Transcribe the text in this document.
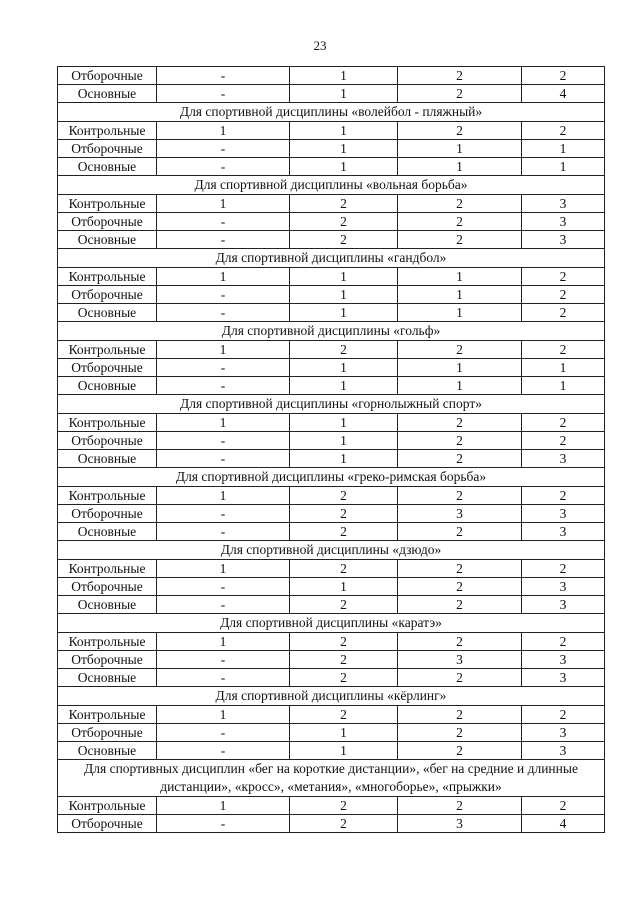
23
Отборочные	-	1	2	2
Основные	-	1	2	4
Для спортивной дисциплины «волейбол - пляжный»				
Контрольные	1	1	2	2
Отборочные	-	1	1	1
Основные	-	1	1	1
Для спортивной дисциплины «вольная борьба»				
Контрольные	1	2	2	3
Отборочные	-	2	2	3
Основные	-	2	2	3
Для спортивной дисциплины «гандбол»				
Контрольные	1	1	1	2
Отборочные	-	1	1	2
Основные	-	1	1	2
Для спортивной дисциплины «гольф»				
Контрольные	1	2	2	2
Отборочные	-	1	1	1
Основные	-	1	1	1
Для спортивной дисциплины «горнолыжный спорт»				
Контрольные	1	1	2	2
Отборочные	-	1	2	2
Основные	-	1	2	3
Для спортивной дисциплины «греко-римская борьба»				
Контрольные	1	2	2	2
Отборочные	-	2	3	3
Основные	-	2	2	3
Для спортивной дисциплины «дзюдо»				
Контрольные	1	2	2	2
Отборочные	-	1	2	3
Основные	-	2	2	3
Для спортивной дисциплины «каратэ»				
Контрольные	1	2	2	2
Отборочные	-	2	3	3
Основные	-	2	2	3
Для спортивной дисциплины «кёрлинг»				
Контрольные	1	2	2	2
Отборочные	-	1	2	3
Основные	-	1	2	3
Для спортивных дисциплин «бег на короткие дистанции», «бег на средние и длинные дистанции», «кросс», «метания», «многоборье», «прыжки»				
Контрольные	1	2	2	2
Отборочные	-	2	3	4
